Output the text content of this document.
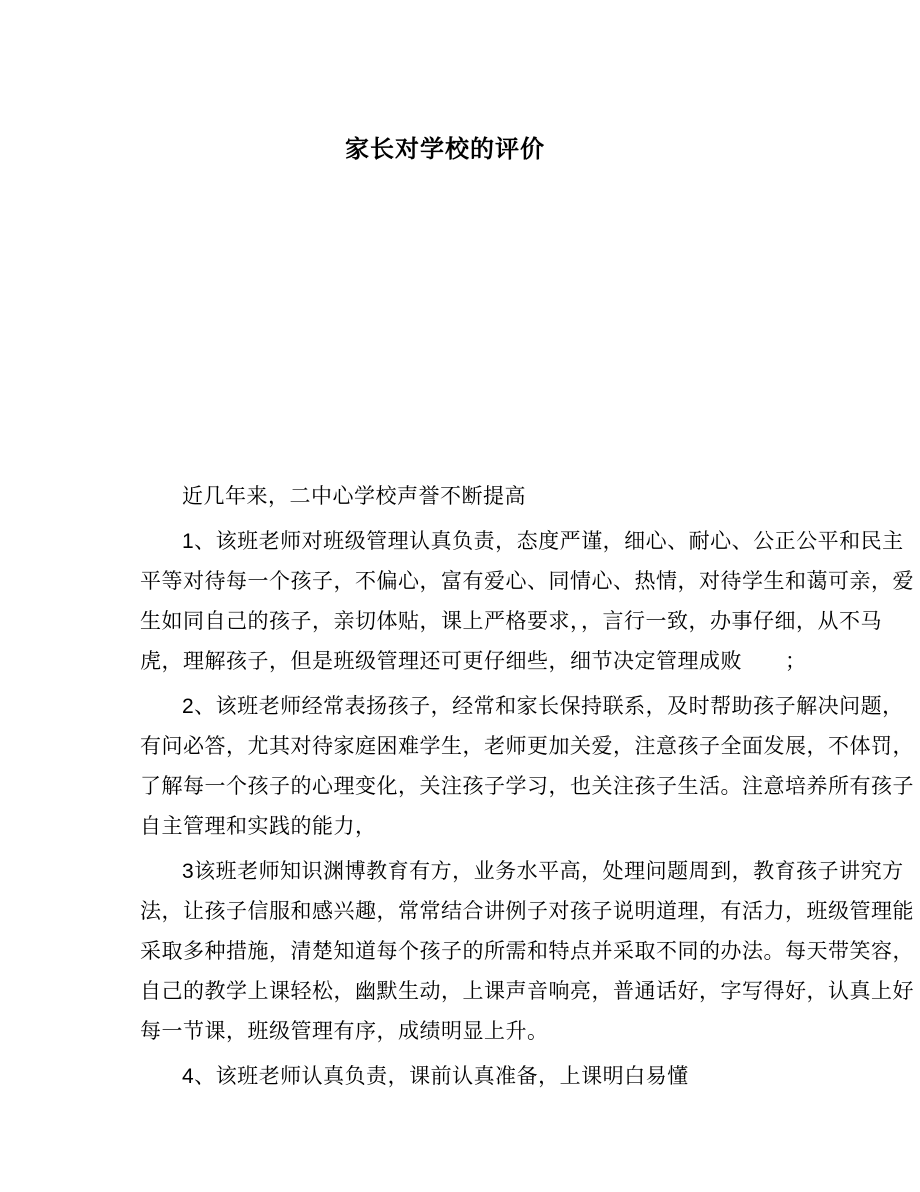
家长对学校的评价
近几年来，二中心学校声誉不断提高
1、该班老师对班级管理认真负责，态度严谨，细心、耐心、公正公平和民主
平等对待每一个孩子，不偏心，富有爱心、同情心、热情，对待学生和蔼可亲，爱
生如同自己的孩子，亲切体贴，课上严格要求，，言行一致，办事仔细，从不马
虎，理解孩子，但是班级管理还可更仔细些，细节决定管理成败　　；
2、该班老师经常表扬孩子，经常和家长保持联系，及时帮助孩子解决问题，
有问必答，尤其对待家庭困难学生，老师更加关爱，注意孩子全面发展，不体罚，
了解每一个孩子的心理变化，关注孩子学习，也关注孩子生活。注意培养所有孩子
自主管理和实践的能力，
3该班老师知识渊博教育有方，业务水平高，处理问题周到，教育孩子讲究方
法，让孩子信服和感兴趣，常常结合讲例子对孩子说明道理，有活力，班级管理能
采取多种措施，清楚知道每个孩子的所需和特点并采取不同的办法。每天带笑容，
自己的教学上课轻松，幽默生动，上课声音响亮，普通话好，字写得好，认真上好
每一节课，班级管理有序，成绩明显上升。
4、该班老师认真负责，课前认真准备，上课明白易懂
